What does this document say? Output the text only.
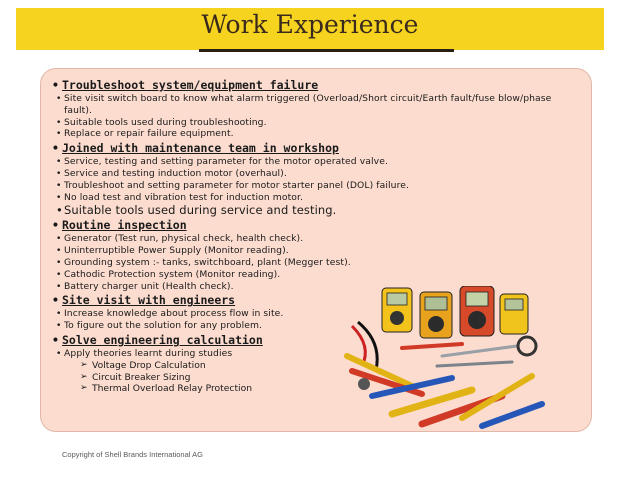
Work Experience
• Troubleshoot system/equipment failure
• Site visit switch board to know what alarm triggered (Overload/Short circuit/Earth fault/fuse blow/phase fault).
• Suitable tools used during troubleshooting.
• Replace or repair failure equipment.
• Joined with maintenance team in workshop
• Service, testing and setting parameter for the motor operated valve.
• Service and testing induction motor (overhaul).
• Troubleshoot and setting parameter for motor starter panel (DOL) failure.
• No load test and vibration test for induction motor.
• Suitable tools used during service and testing.
• Routine inspection
• Generator (Test run, physical check, health check).
• Uninterruptible Power Supply (Monitor reading).
• Grounding system :- tanks, switchboard, plant (Megger test).
• Cathodic Protection system (Monitor reading).
• Battery charger unit (Health check).
• Site visit with engineers
• Increase knowledge about process flow in site.
• To figure out the solution for any problem.
• Solve engineering calculation
• Apply theories learnt during studies
➢ Voltage Drop Calculation
➢ Circuit Breaker Sizing
➢ Thermal Overload Relay Protection
Copyright of Shell Brands International AG
